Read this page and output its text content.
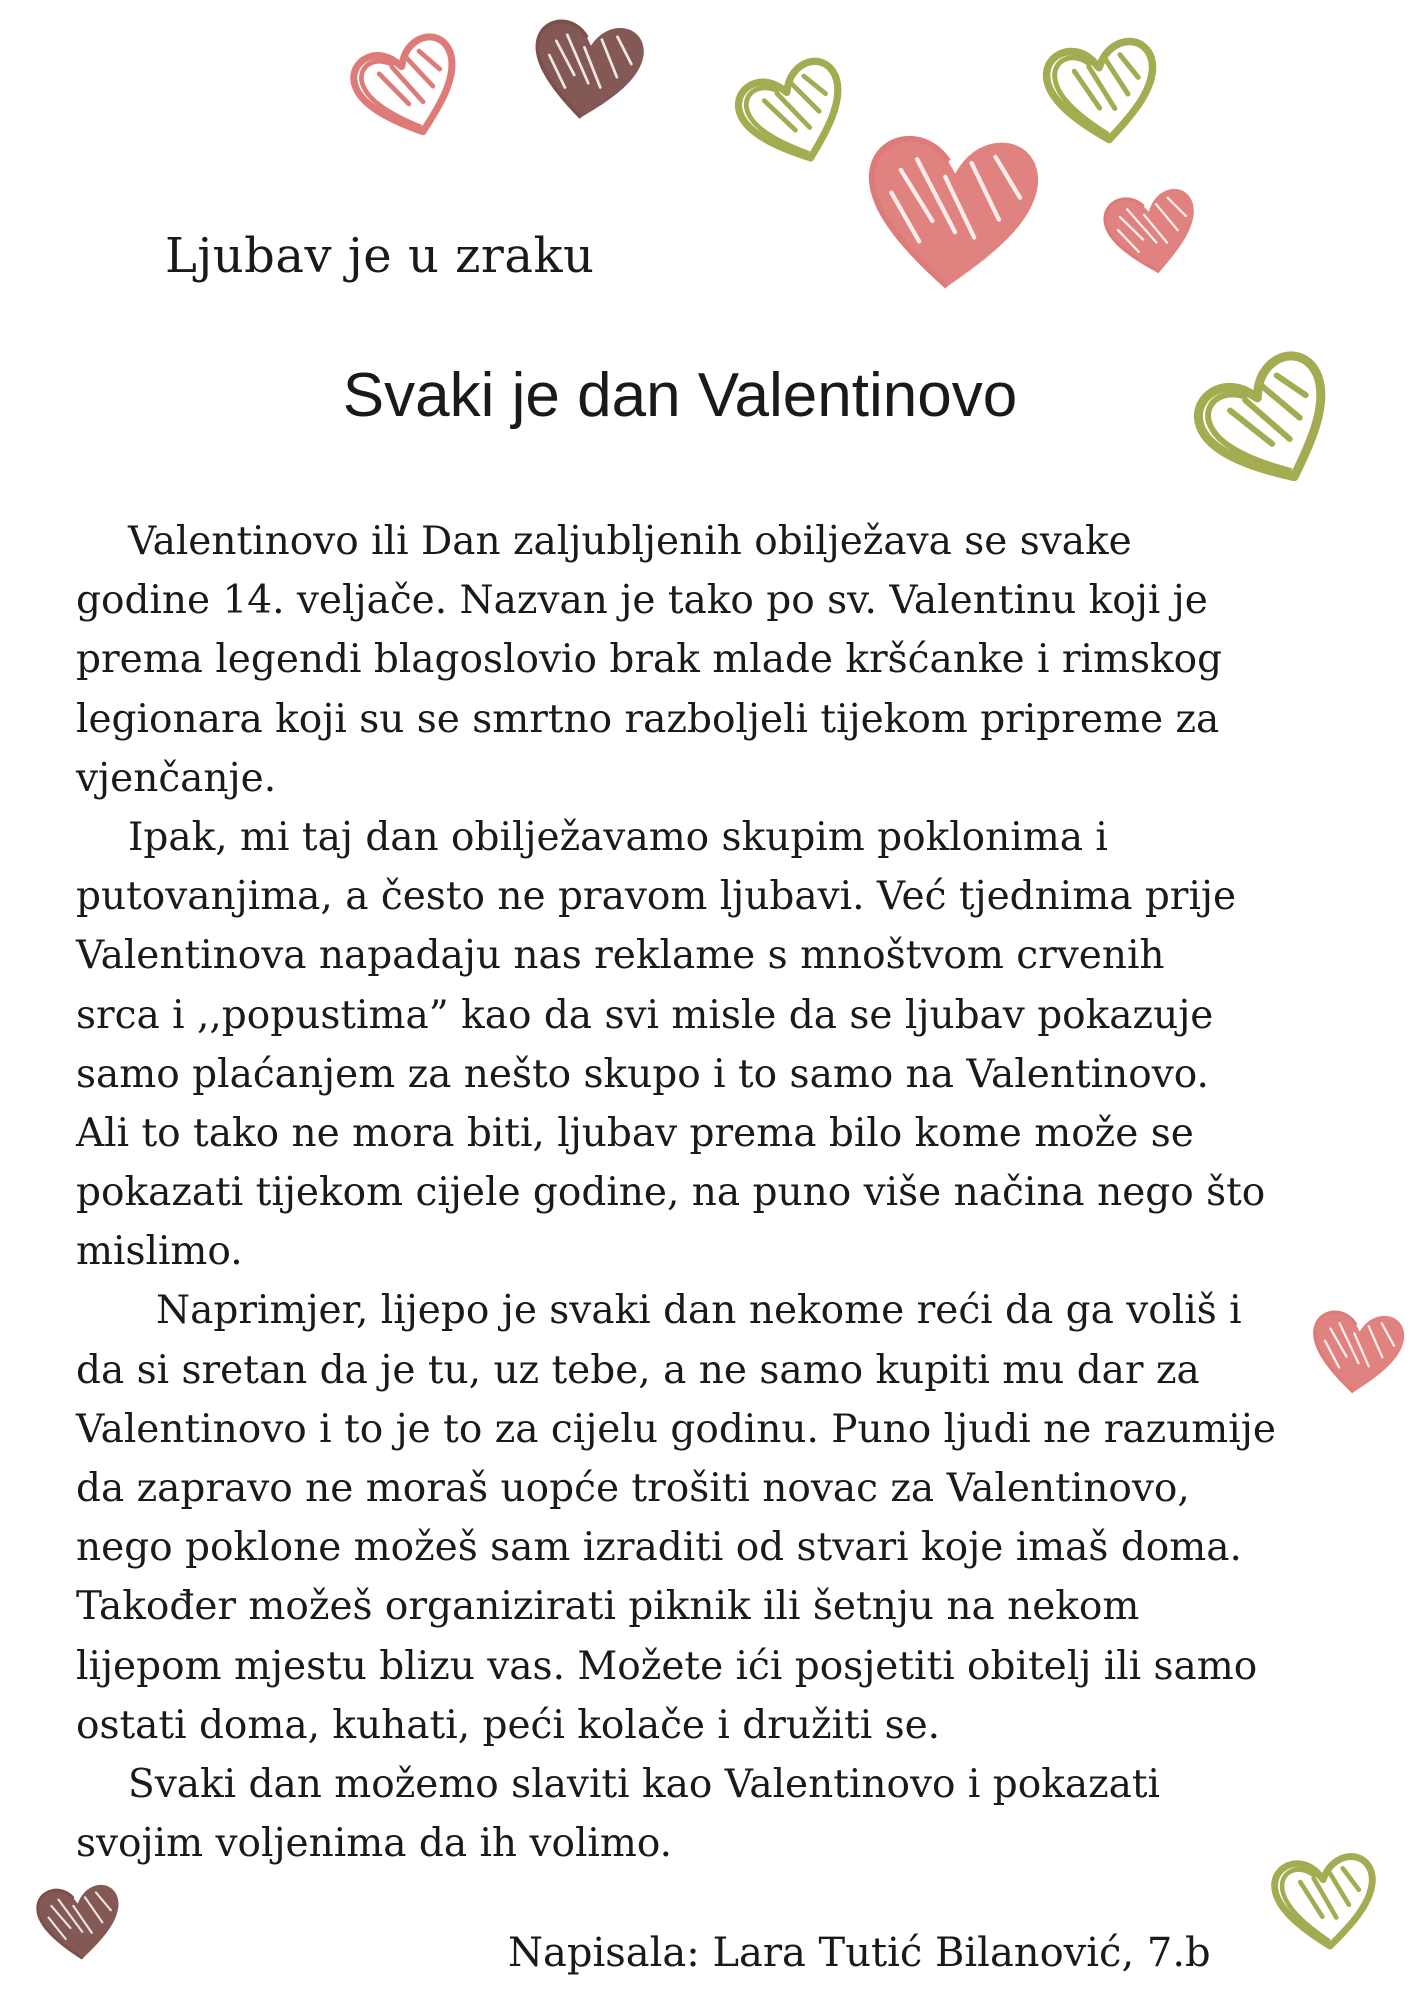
Ljubav je u zraku
Svaki je dan Valentinovo
Valentinovo ili Dan zaljubljenih obilježava se svake
godine 14. veljače. Nazvan je tako po sv. Valentinu koji je
prema legendi blagoslovio brak mlade kršćanke i rimskog
legionara koji su se smrtno razboljeli tijekom pripreme za
vjenčanje.
Ipak, mi taj dan obilježavamo skupim poklonima i
putovanjima, a često ne pravom ljubavi. Već tjednima prije
Valentinova napadaju nas reklame s mnoštvom crvenih
srca i ,,popustima” kao da svi misle da se ljubav pokazuje
samo plaćanjem za nešto skupo i to samo na Valentinovo.
Ali to tako ne mora biti, ljubav prema bilo kome može se
pokazati tijekom cijele godine, na puno više načina nego što
mislimo.
Naprimjer, lijepo je svaki dan nekome reći da ga voliš i
da si sretan da je tu, uz tebe, a ne samo kupiti mu dar za
Valentinovo i to je to za cijelu godinu. Puno ljudi ne razumije
da zapravo ne moraš uopće trošiti novac za Valentinovo,
nego poklone možeš sam izraditi od stvari koje imaš doma.
Također možeš organizirati piknik ili šetnju na nekom
lijepom mjestu blizu vas. Možete ići posjetiti obitelj ili samo
ostati doma, kuhati, peći kolače i družiti se.
Svaki dan možemo slaviti kao Valentinovo i pokazati
svojim voljenima da ih volimo.
Napisala: Lara Tutić Bilanović, 7.b
